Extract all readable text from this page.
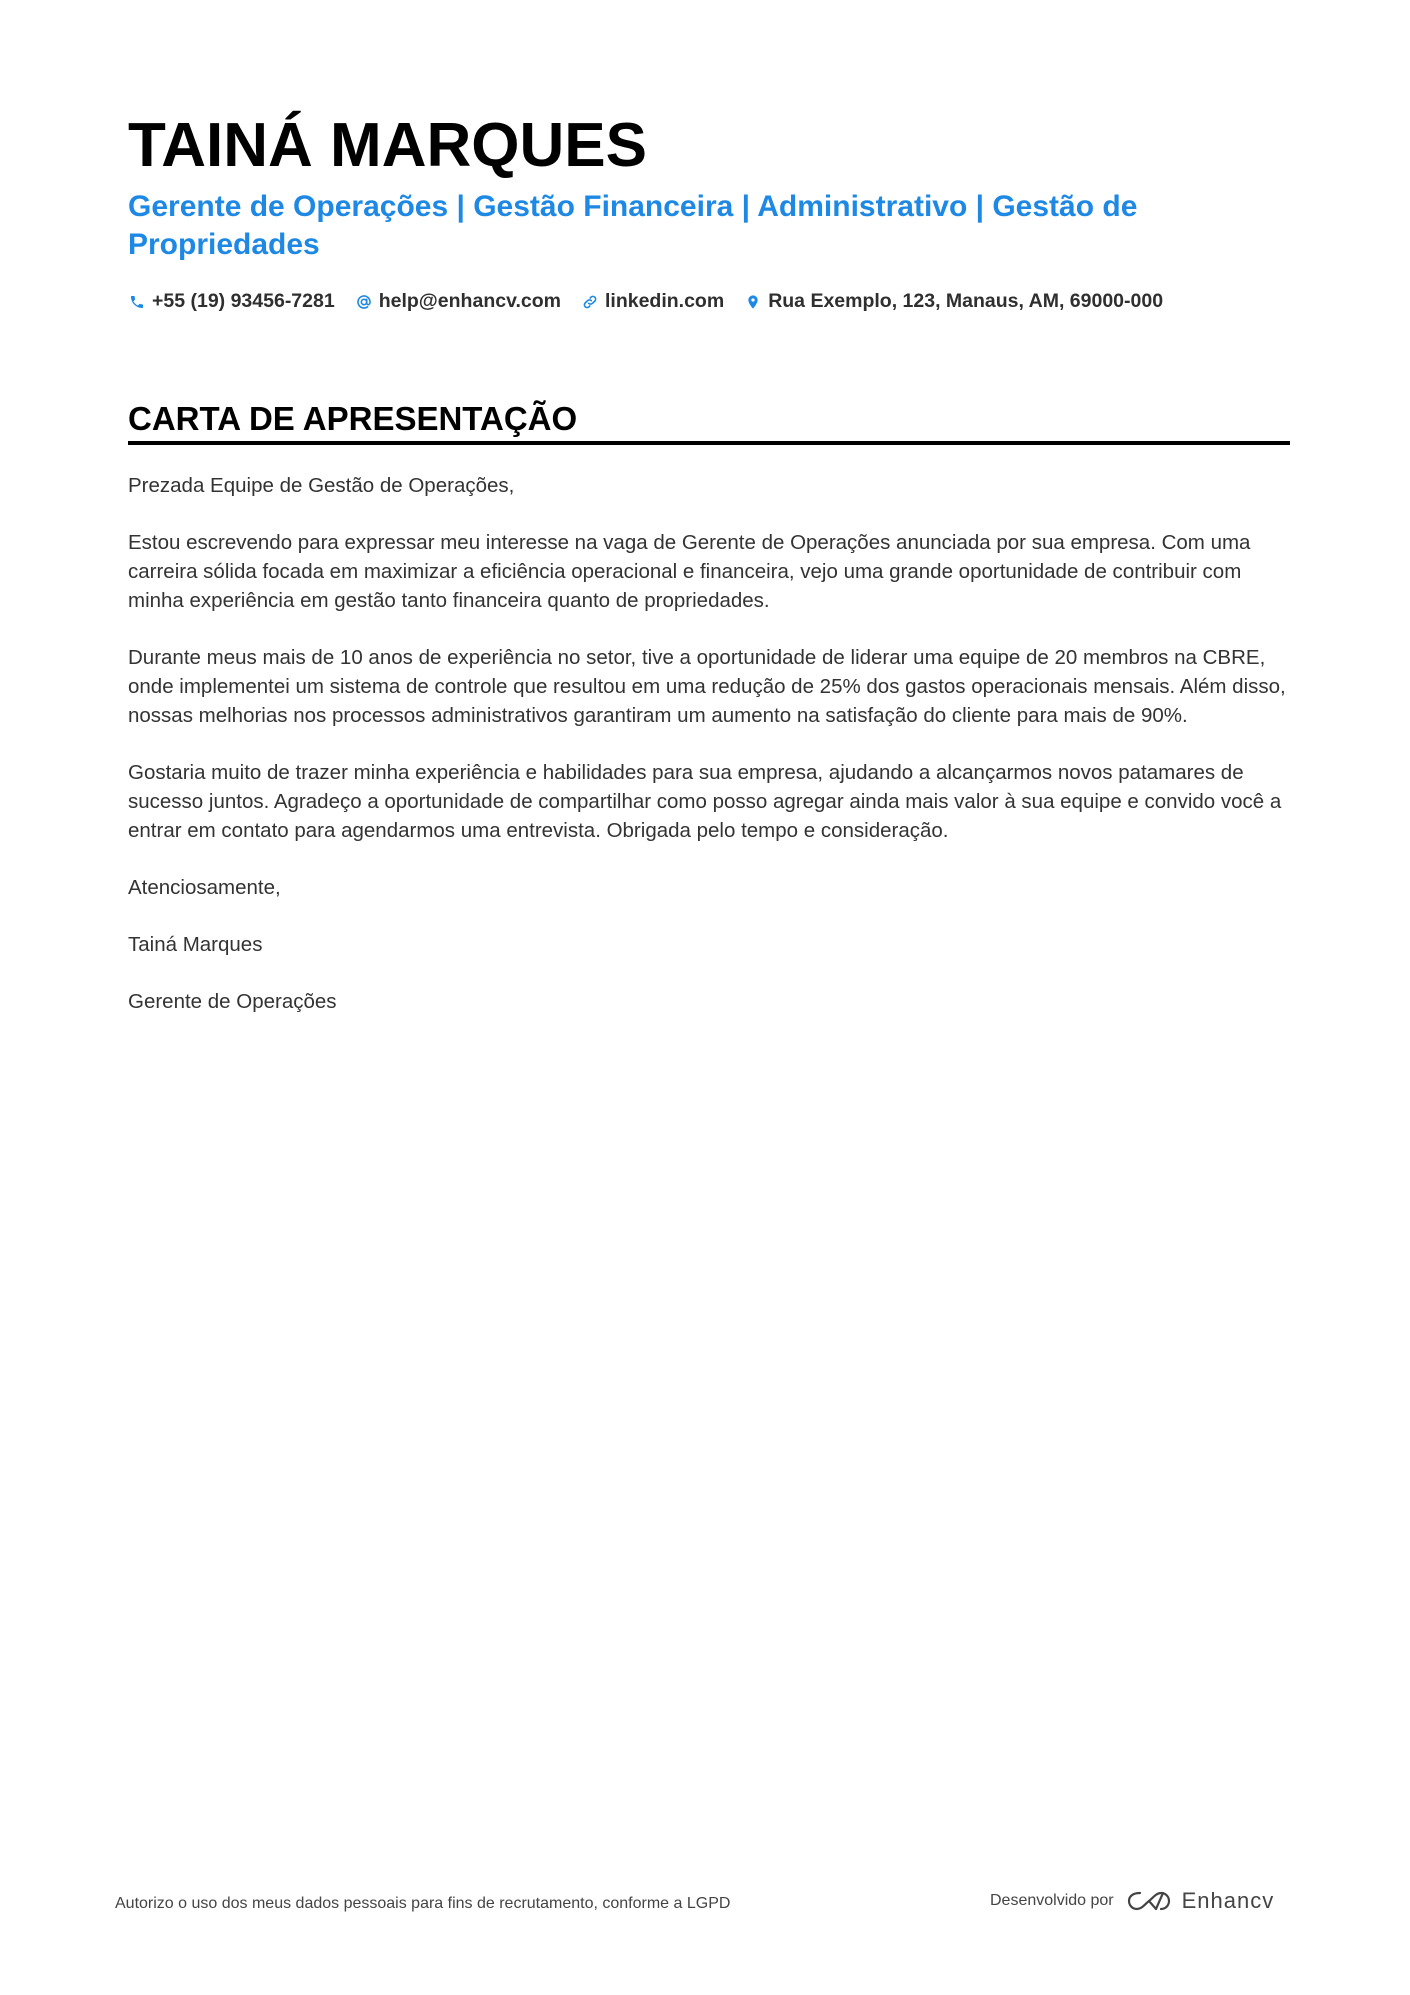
TAINÁ MARQUES
Gerente de Operações | Gestão Financeira | Administrativo | Gestão de Propriedades
+55 (19) 93456-7281 help@enhancv.com linkedin.com Rua Exemplo, 123, Manaus, AM, 69000-000
CARTA DE APRESENTAÇÃO

Prezada Equipe de Gestão de Operações,

Estou escrevendo para expressar meu interesse na vaga de Gerente de Operações anunciada por sua empresa. Com uma carreira sólida focada em maximizar a eficiência operacional e financeira, vejo uma grande oportunidade de contribuir com minha experiência em gestão tanto financeira quanto de propriedades.

Durante meus mais de 10 anos de experiência no setor, tive a oportunidade de liderar uma equipe de 20 membros na CBRE, onde implementei um sistema de controle que resultou em uma redução de 25% dos gastos operacionais mensais. Além disso, nossas melhorias nos processos administrativos garantiram um aumento na satisfação do cliente para mais de 90%.

Gostaria muito de trazer minha experiência e habilidades para sua empresa, ajudando a alcançarmos novos patamares de sucesso juntos. Agradeço a oportunidade de compartilhar como posso agregar ainda mais valor à sua equipe e convido você a entrar em contato para agendarmos uma entrevista. Obrigada pelo tempo e consideração.

Atenciosamente,

Tainá Marques

Gerente de Operações

Autorizo o uso dos meus dados pessoais para fins de recrutamento, conforme a LGPD	Desenvolvido por	Enhancv
